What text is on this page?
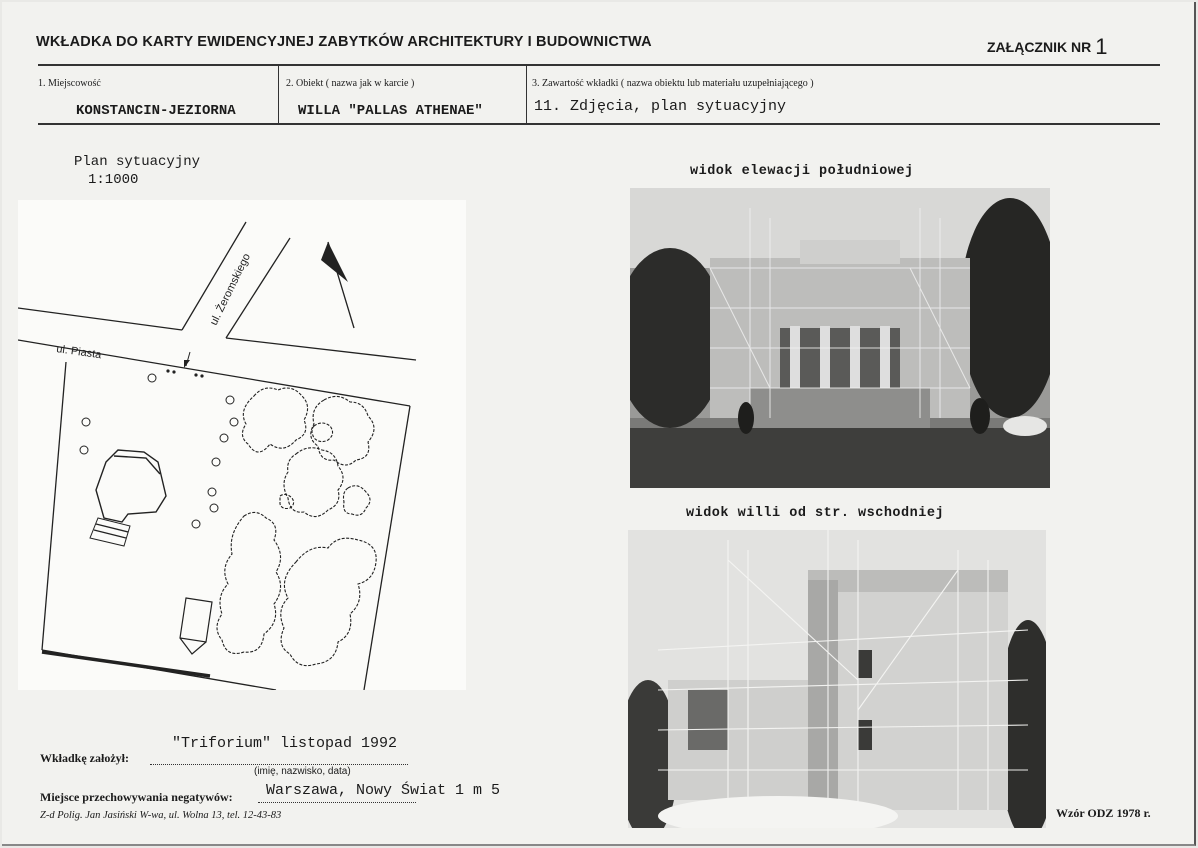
WKŁADKA DO KARTY EWIDENCYJNEJ ZABYTKÓW ARCHITEKTURY I BUDOWNICTWA	ZAŁĄCZNIK NR 1
1. Miejscowość
KONSTANCIN-JEZIORNA
2. Obiekt ( nazwa jak w karcie )
WILLA "PALLAS ATHENAE"
3. Zawartość wkładki ( nazwa obiektu lub materiału uzupełniającego )
11. Zdjęcia, plan sytuacyjny
Plan sytuacyjny
1:1000
ul. Piasta
ul. Żeromskiego
widok elewacji południowej
widok willi od str. wschodniej
"Triforium" listopad 1992
Wkładkę założył:
(imię, nazwisko, data)
Miejsce przechowywania negatywów: Warszawa, Nowy Świat 1 m 5
Z-d Polig. Jan Jasiński W-wa, ul. Wolna 13, tel. 12-43-83	Wzór ODZ 1978 r.
